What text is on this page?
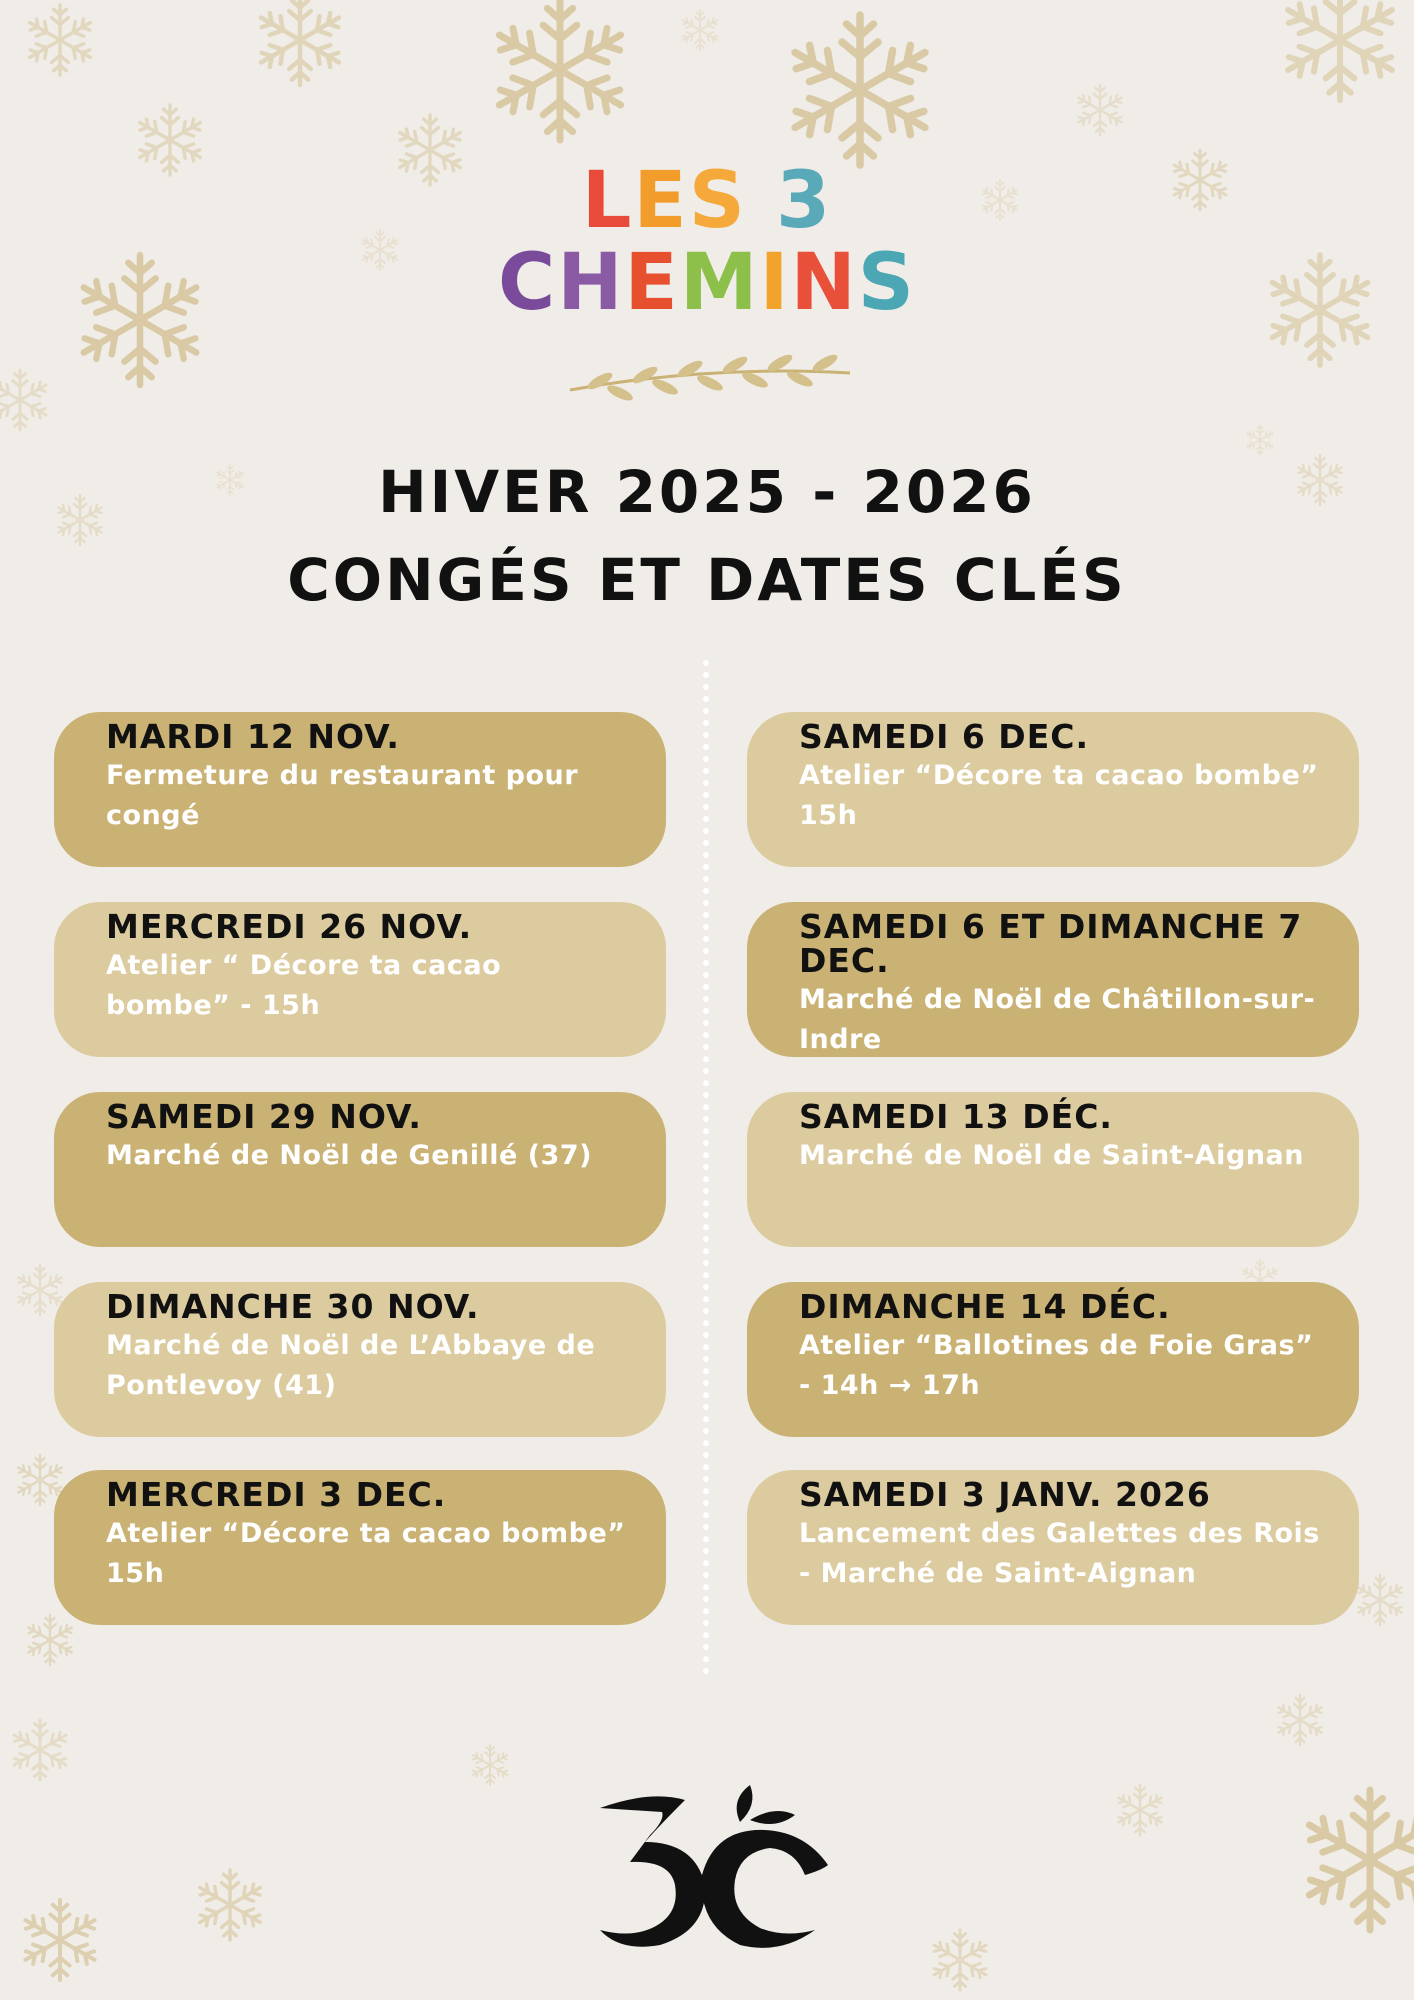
LES 3
CHEMINS
HIVER 2025 - 2026
CONGÉS ET DATES CLÉS
MARDI 12 NOV.

Fermeture du restaurant pour congé

MERCREDI 26 NOV.

Atelier “ Décore ta cacao bombe” - 15h

SAMEDI 29 NOV.

Marché de Noël de Genillé (37)

DIMANCHE 30 NOV.

Marché de Noël de L’Abbaye de Pontlevoy (41)

MERCREDI 3 DEC.

Atelier “Décore ta cacao bombe” 15h

SAMEDI 6 DEC.

Atelier “Décore ta cacao bombe” 15h

SAMEDI 6 ET DIMANCHE 7 DEC.

Marché de Noël de Châtillon-sur-Indre

SAMEDI 13 DÉC.

Marché de Noël de Saint-Aignan

DIMANCHE 14 DÉC.

Atelier “Ballotines de Foie Gras” - 14h → 17h

SAMEDI 3 JANV. 2026

Lancement des Galettes des Rois - Marché de Saint-Aignan
